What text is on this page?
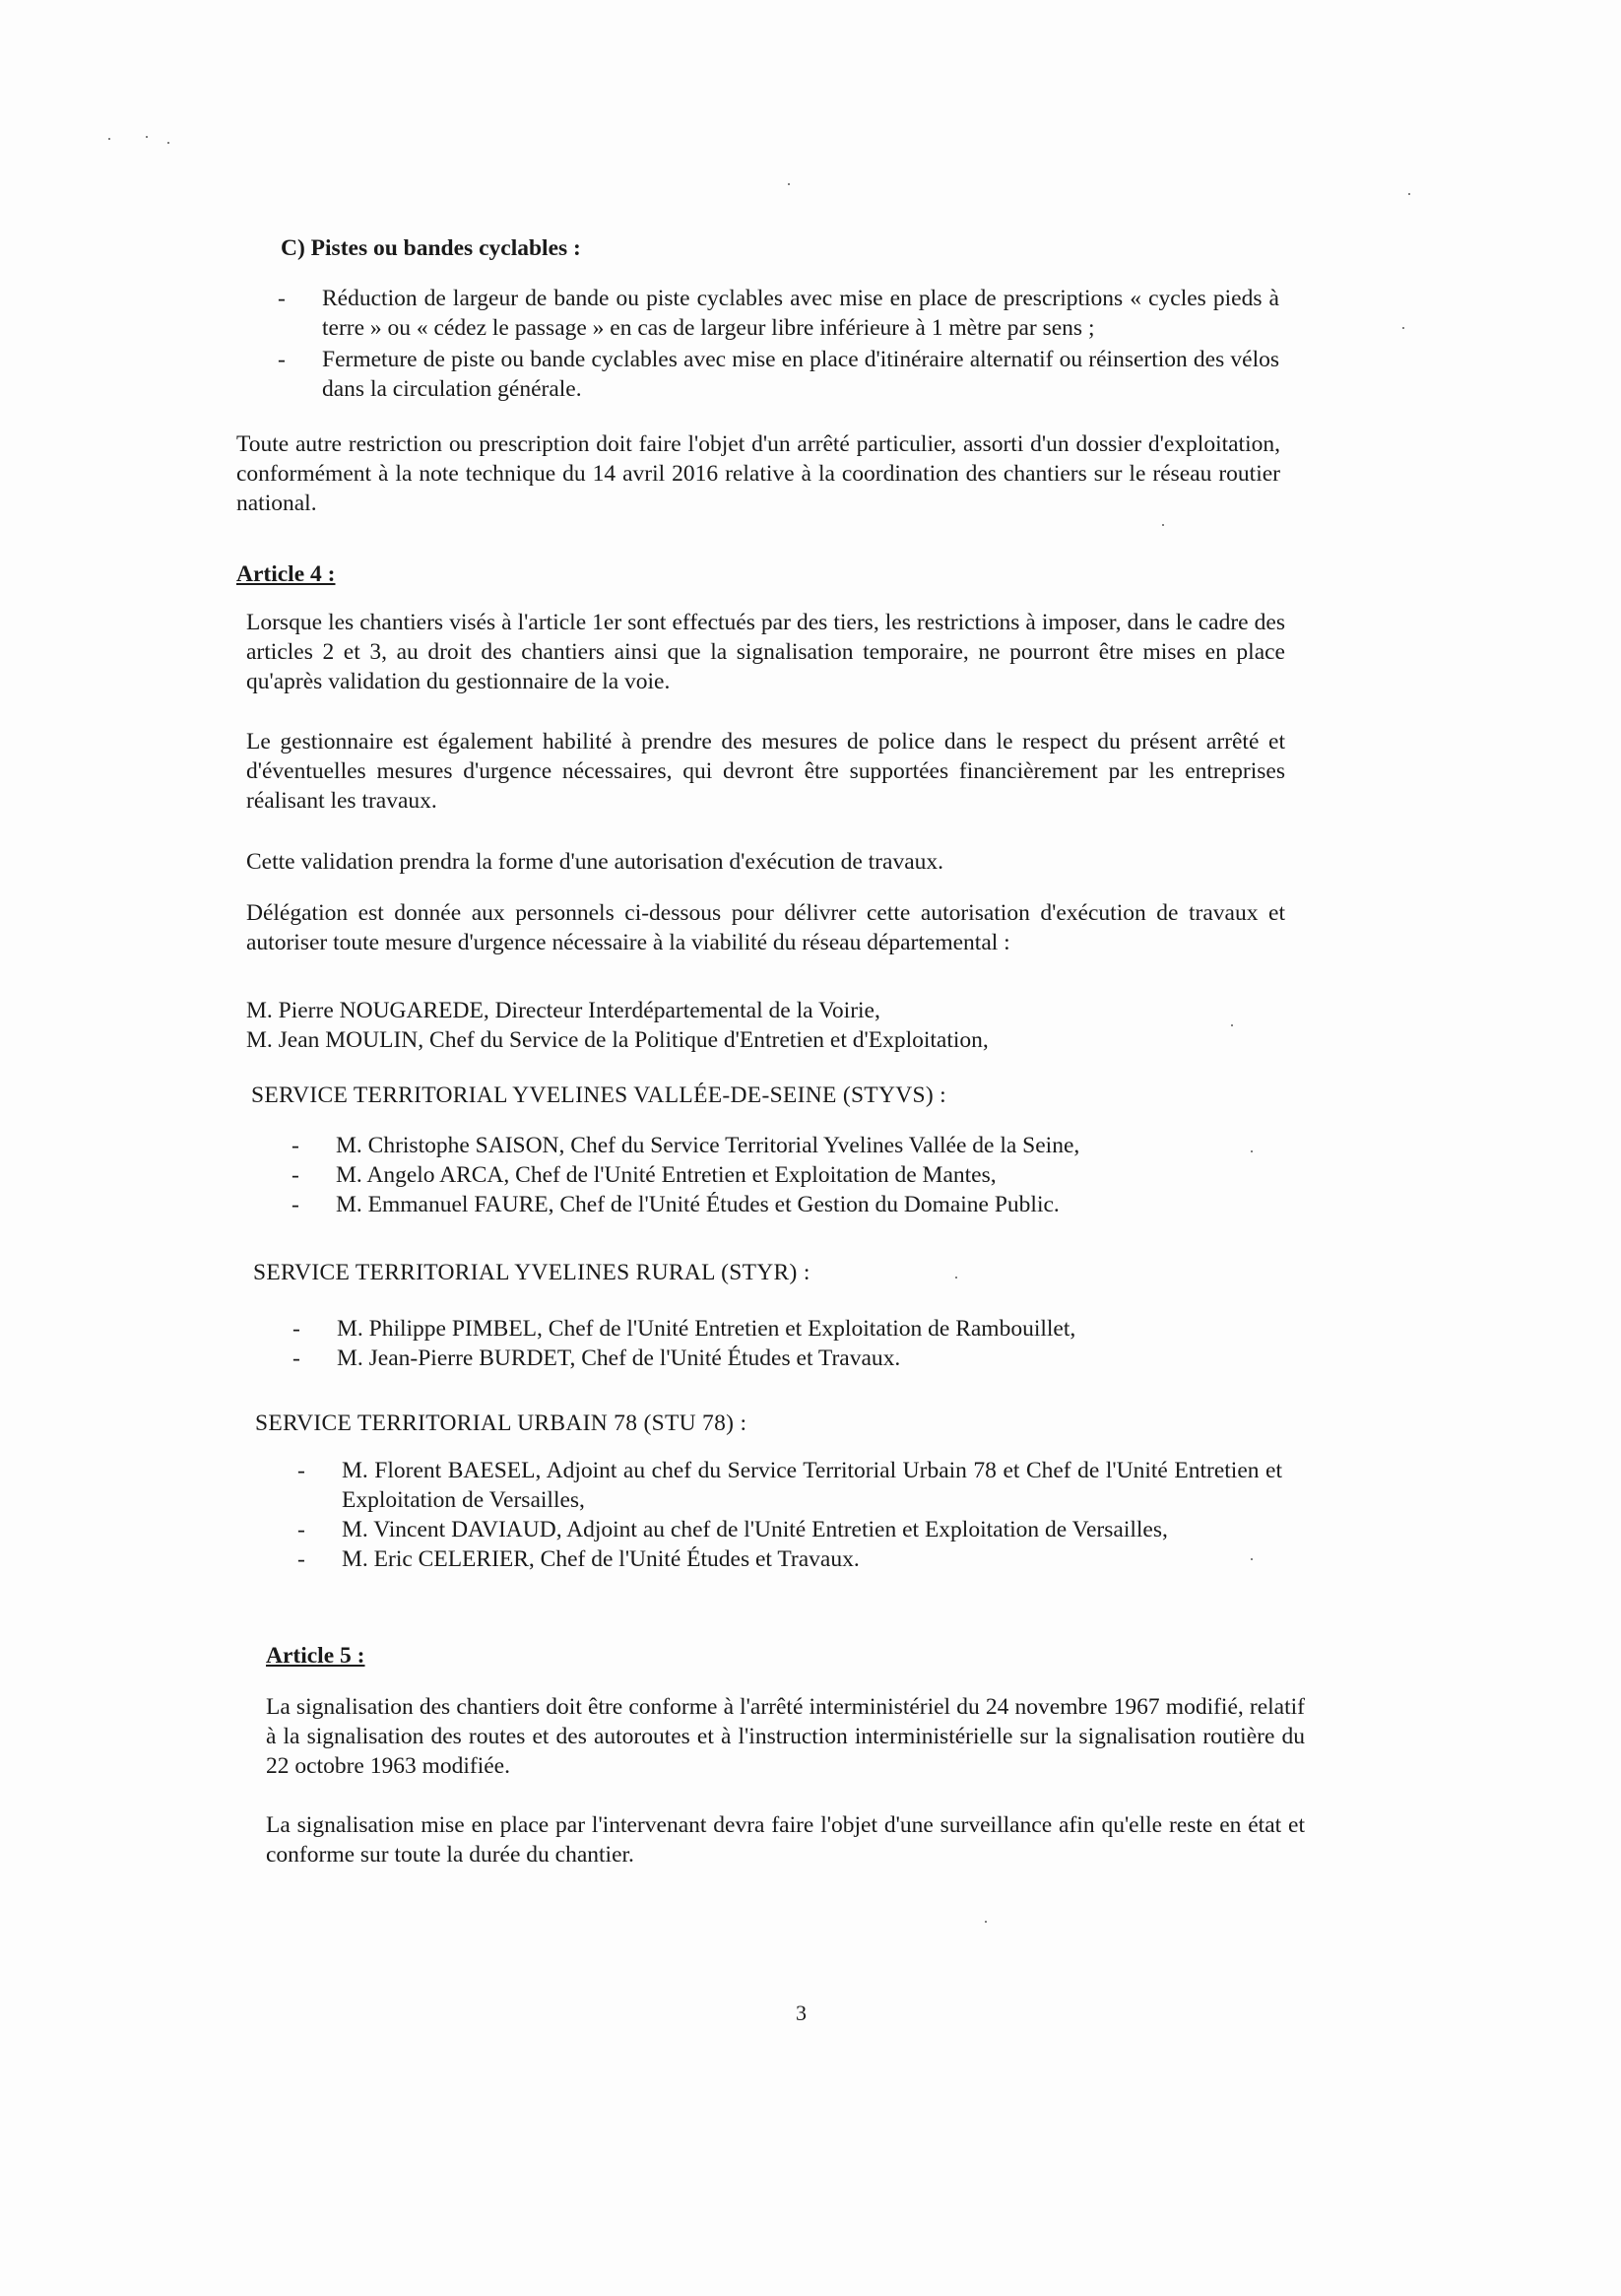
C) Pistes ou bandes cyclables :
- Réduction de largeur de bande ou piste cyclables avec mise en place de prescriptions « cycles pieds à terre » ou « cédez le passage » en cas de largeur libre inférieure à 1 mètre par sens ;
- Fermeture de piste ou bande cyclables avec mise en place d'itinéraire alternatif ou réinsertion des vélos dans la circulation générale.
Toute autre restriction ou prescription doit faire l'objet d'un arrêté particulier, assorti d'un dossier d'exploitation, conformément à la note technique du 14 avril 2016 relative à la coordination des chantiers sur le réseau routier national.
Article 4 :
Lorsque les chantiers visés à l'article 1er sont effectués par des tiers, les restrictions à imposer, dans le cadre des articles 2 et 3, au droit des chantiers ainsi que la signalisation temporaire, ne pourront être mises en place qu'après validation du gestionnaire de la voie.
Le gestionnaire est également habilité à prendre des mesures de police dans le respect du présent arrêté et d'éventuelles mesures d'urgence nécessaires, qui devront être supportées financièrement par les entreprises réalisant les travaux.
Cette validation prendra la forme d'une autorisation d'exécution de travaux.
Délégation est donnée aux personnels ci-dessous pour délivrer cette autorisation d'exécution de travaux et autoriser toute mesure d'urgence nécessaire à la viabilité du réseau départemental :
M. Pierre NOUGAREDE, Directeur Interdépartemental de la Voirie,
M. Jean MOULIN, Chef du Service de la Politique d'Entretien et d'Exploitation,
SERVICE TERRITORIAL YVELINES VALLÉE-DE-SEINE (STYVS) :
- M. Christophe SAISON, Chef du Service Territorial Yvelines Vallée de la Seine,
- M. Angelo ARCA, Chef de l'Unité Entretien et Exploitation de Mantes,
- M. Emmanuel FAURE, Chef de l'Unité Études et Gestion du Domaine Public.
SERVICE TERRITORIAL YVELINES RURAL (STYR) :
- M. Philippe PIMBEL, Chef de l'Unité Entretien et Exploitation de Rambouillet,
- M. Jean-Pierre BURDET, Chef de l'Unité Études et Travaux.
SERVICE TERRITORIAL URBAIN 78 (STU 78) :
- M. Florent BAESEL, Adjoint au chef du Service Territorial Urbain 78 et Chef de l'Unité Entretien et Exploitation de Versailles,
- M. Vincent DAVIAUD, Adjoint au chef de l'Unité Entretien et Exploitation de Versailles,
- M. Eric CELERIER, Chef de l'Unité Études et Travaux.
Article 5 :
La signalisation des chantiers doit être conforme à l'arrêté interministériel du 24 novembre 1967 modifié, relatif à la signalisation des routes et des autoroutes et à l'instruction interministérielle sur la signalisation routière du 22 octobre 1963 modifiée.
La signalisation mise en place par l'intervenant devra faire l'objet d'une surveillance afin qu'elle reste en état et conforme sur toute la durée du chantier.
3
